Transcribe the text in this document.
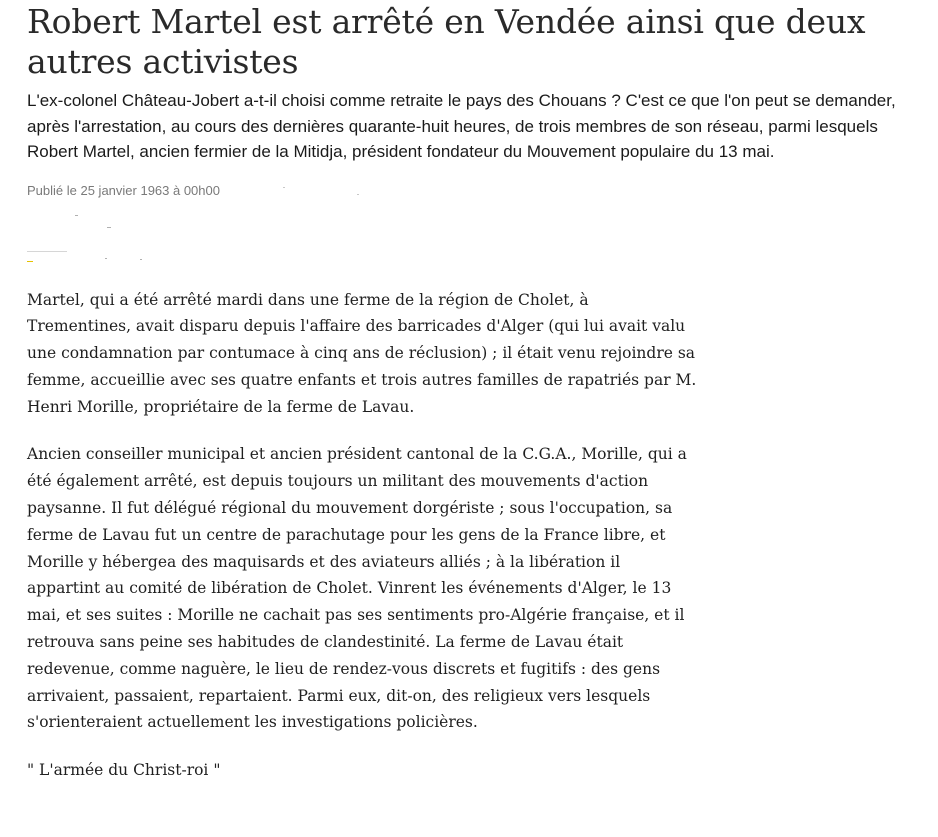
Robert Martel est arrêté en Vendée ainsi que deux autres activistes

L'ex-colonel Château-Jobert a-t-il choisi comme retraite le pays des Chouans ? C'est ce que l'on peut se demander, après l'arrestation, au cours des dernières quarante-huit heures, de trois membres de son réseau, parmi lesquels Robert Martel, ancien fermier de la Mitidja, président fondateur du Mouvement populaire du 13 mai.

Publié le 25 janvier 1963 à 00h00

Martel, qui a été arrêté mardi dans une ferme de la région de Cholet, à Trementines, avait disparu depuis l'affaire des barricades d'Alger (qui lui avait valu une condamnation par contumace à cinq ans de réclusion) ; il était venu rejoindre sa femme, accueillie avec ses quatre enfants et trois autres familles de rapatriés par M. Henri Morille, propriétaire de la ferme de Lavau.

Ancien conseiller municipal et ancien président cantonal de la C.G.A., Morille, qui a été également arrêté, est depuis toujours un militant des mouvements d'action paysanne. Il fut délégué régional du mouvement dorgériste ; sous l'occupation, sa ferme de Lavau fut un centre de parachutage pour les gens de la France libre, et Morille y hébergea des maquisards et des aviateurs alliés ; à la libération il appartint au comité de libération de Cholet. Vinrent les événements d'Alger, le 13 mai, et ses suites : Morille ne cachait pas ses sentiments pro-Algérie française, et il retrouva sans peine ses habitudes de clandestinité. La ferme de Lavau était redevenue, comme naguère, le lieu de rendez-vous discrets et fugitifs : des gens arrivaient, passaient, repartaient. Parmi eux, dit-on, des religieux vers lesquels s'orienteraient actuellement les investigations policières.

" L'armée du Christ-roi "
